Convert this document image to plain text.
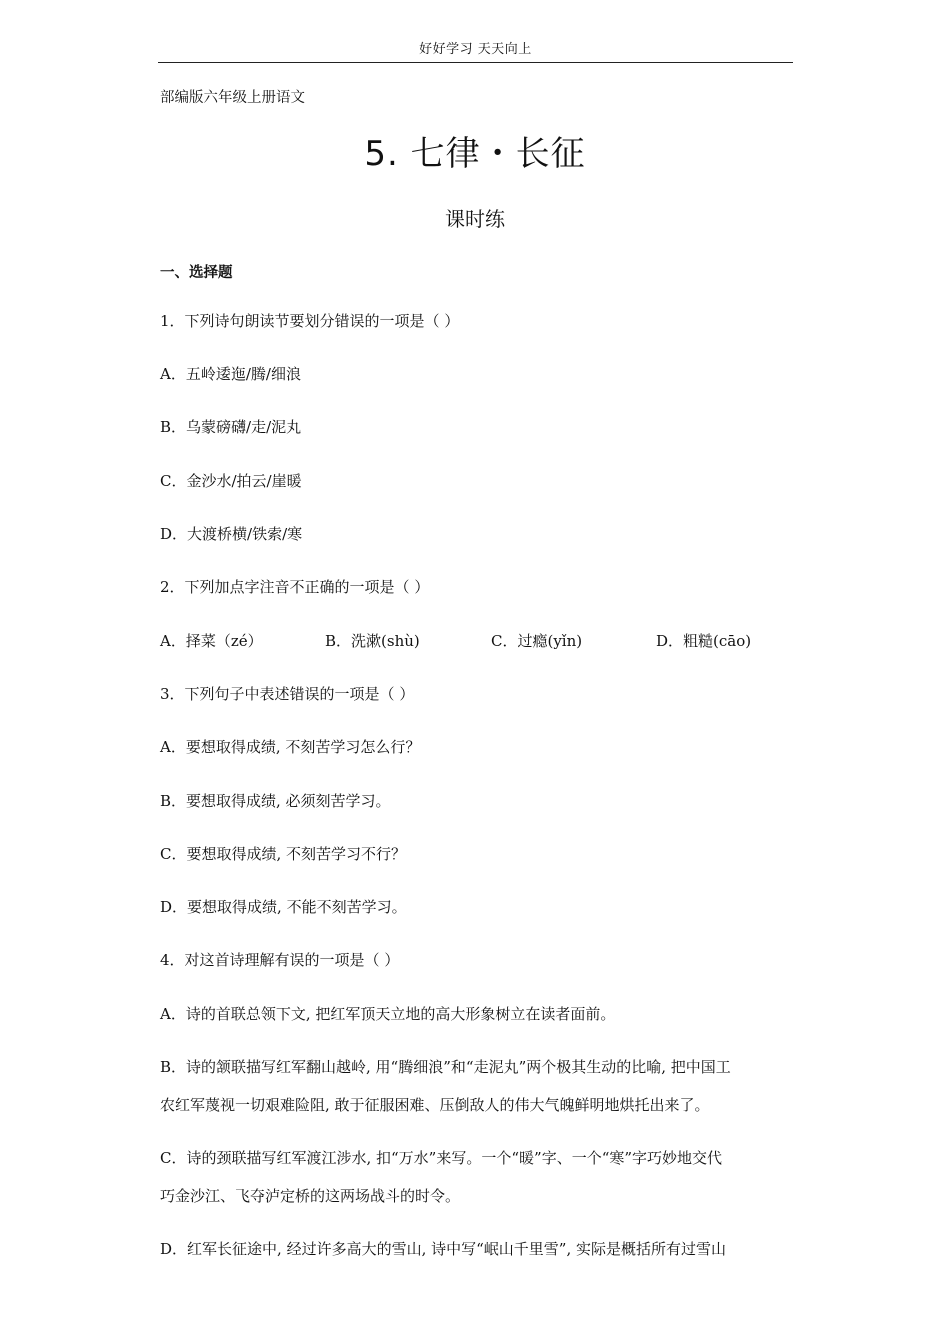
好好学习 天天向上
部编版六年级上册语文
5. 七律・长征
课时练
一、选择题
1．下列诗句朗读节要划分错误的一项是（ ）
A．五岭逶迤/腾/细浪
B．乌蒙磅礴/走/泥丸
C．金沙水/拍云/崖暖
D．大渡桥横/铁索/寒
2．下列加点字注音不正确的一项是（ ）
A．择菜（zé）	B．洗漱(shù)	C．过瘾(yǐn)	D．粗糙(cāo)
3．下列句子中表述错误的一项是（ ）
A．要想取得成绩, 不刻苦学习怎么行？
B．要想取得成绩, 必须刻苦学习。
C．要想取得成绩, 不刻苦学习不行？
D．要想取得成绩, 不能不刻苦学习。
4．对这首诗理解有误的一项是（ ）
A．诗的首联总领下文, 把红军顶天立地的高大形象树立在读者面前。
B．诗的颔联描写红军翻山越岭, 用“腾细浪”和“走泥丸”两个极其生动的比喻, 把中国工
农红军蔑视一切艰难险阻, 敢于征服困难、压倒敌人的伟大气魄鲜明地烘托出来了。
C．诗的颈联描写红军渡江涉水, 扣“万水”来写。一个“暖”字、一个“寒”字巧妙地交代
巧金沙江、飞夺泸定桥的这两场战斗的时令。
D．红军长征途中, 经过许多高大的雪山, 诗中写“岷山千里雪”, 实际是概括所有过雪山
